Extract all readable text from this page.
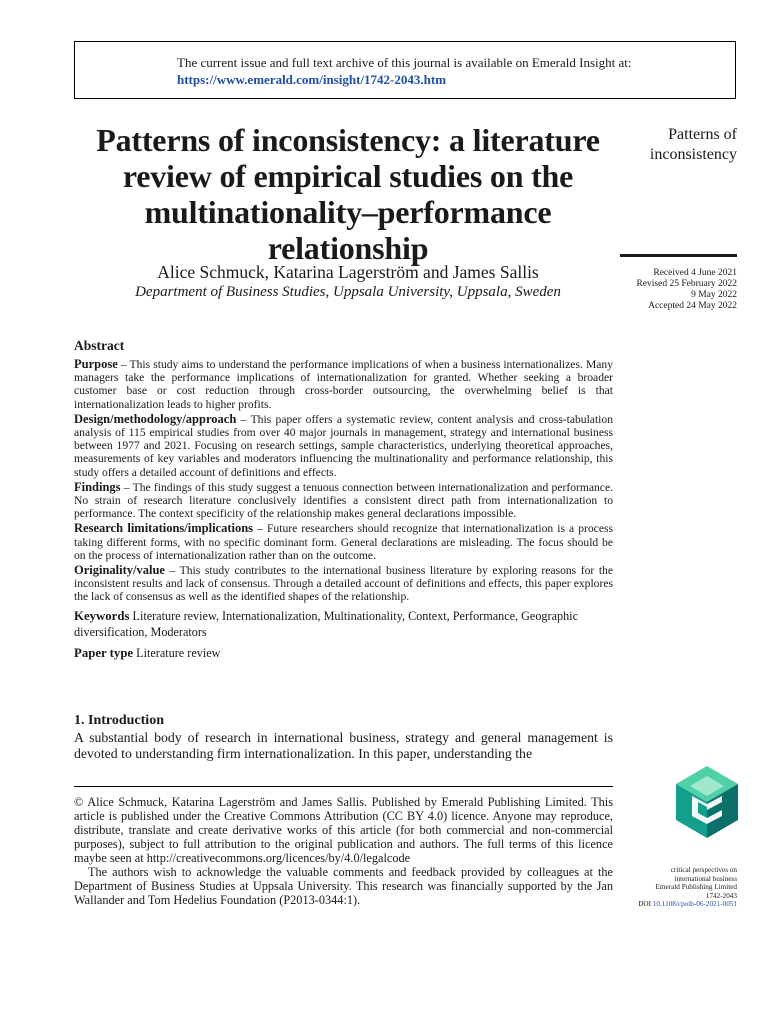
The current issue and full text archive of this journal is available on Emerald Insight at:
https://www.emerald.com/insight/1742-2043.htm
Patterns of inconsistency: a literature review of empirical studies on the multinationality–performance relationship
Alice Schmuck, Katarina Lagerström and James Sallis
Department of Business Studies, Uppsala University, Uppsala, Sweden
Patterns of
inconsistency
Received 4 June 2021
Revised 25 February 2022
9 May 2022
Accepted 24 May 2022
Abstract
Purpose – This study aims to understand the performance implications of when a business internationalizes. Many managers take the performance implications of internationalization for granted. Whether seeking a broader customer base or cost reduction through cross-border outsourcing, the overwhelming belief is that internationalization leads to higher profits.
Design/methodology/approach – This paper offers a systematic review, content analysis and cross-tabulation analysis of 115 empirical studies from over 40 major journals in management, strategy and international business between 1977 and 2021. Focusing on research settings, sample characteristics, underlying theoretical approaches, measurements of key variables and moderators influencing the multinationality and performance relationship, this study offers a detailed account of definitions and effects.
Findings – The findings of this study suggest a tenuous connection between internationalization and performance. No strain of research literature conclusively identifies a consistent direct path from internationalization to performance. The context specificity of the relationship makes general declarations impossible.
Research limitations/implications – Future researchers should recognize that internationalization is a process taking different forms, with no specific dominant form. General declarations are misleading. The focus should be on the process of internationalization rather than on the outcome.
Originality/value – This study contributes to the international business literature by exploring reasons for the inconsistent results and lack of consensus. Through a detailed account of definitions and effects, this paper explores the lack of consensus as well as the identified shapes of the relationship.
Keywords Literature review, Internationalization, Multinationality, Context, Performance, Geographic diversification, Moderators
Paper type Literature review
1. Introduction
A substantial body of research in international business, strategy and general management is devoted to understanding firm internationalization. In this paper, understanding the

© Alice Schmuck, Katarina Lagerström and James Sallis. Published by Emerald Publishing Limited. This article is published under the Creative Commons Attribution (CC BY 4.0) licence. Anyone may reproduce, distribute, translate and create derivative works of this article (for both commercial and non-commercial purposes), subject to full attribution to the original publication and authors. The full terms of this licence maybe seen at http://creativecommons.org/licences/by/4.0/legalcode

The authors wish to acknowledge the valuable comments and feedback provided by colleagues at the Department of Business Studies at Uppsala University. This research was financially supported by the Jan Wallander and Tom Hedelius Foundation (P2013-0344:1).

critical perspectives on
international business
Emerald Publishing Limited
1742-2043
DOI 10.1108/cpoib-06-2021-0051
